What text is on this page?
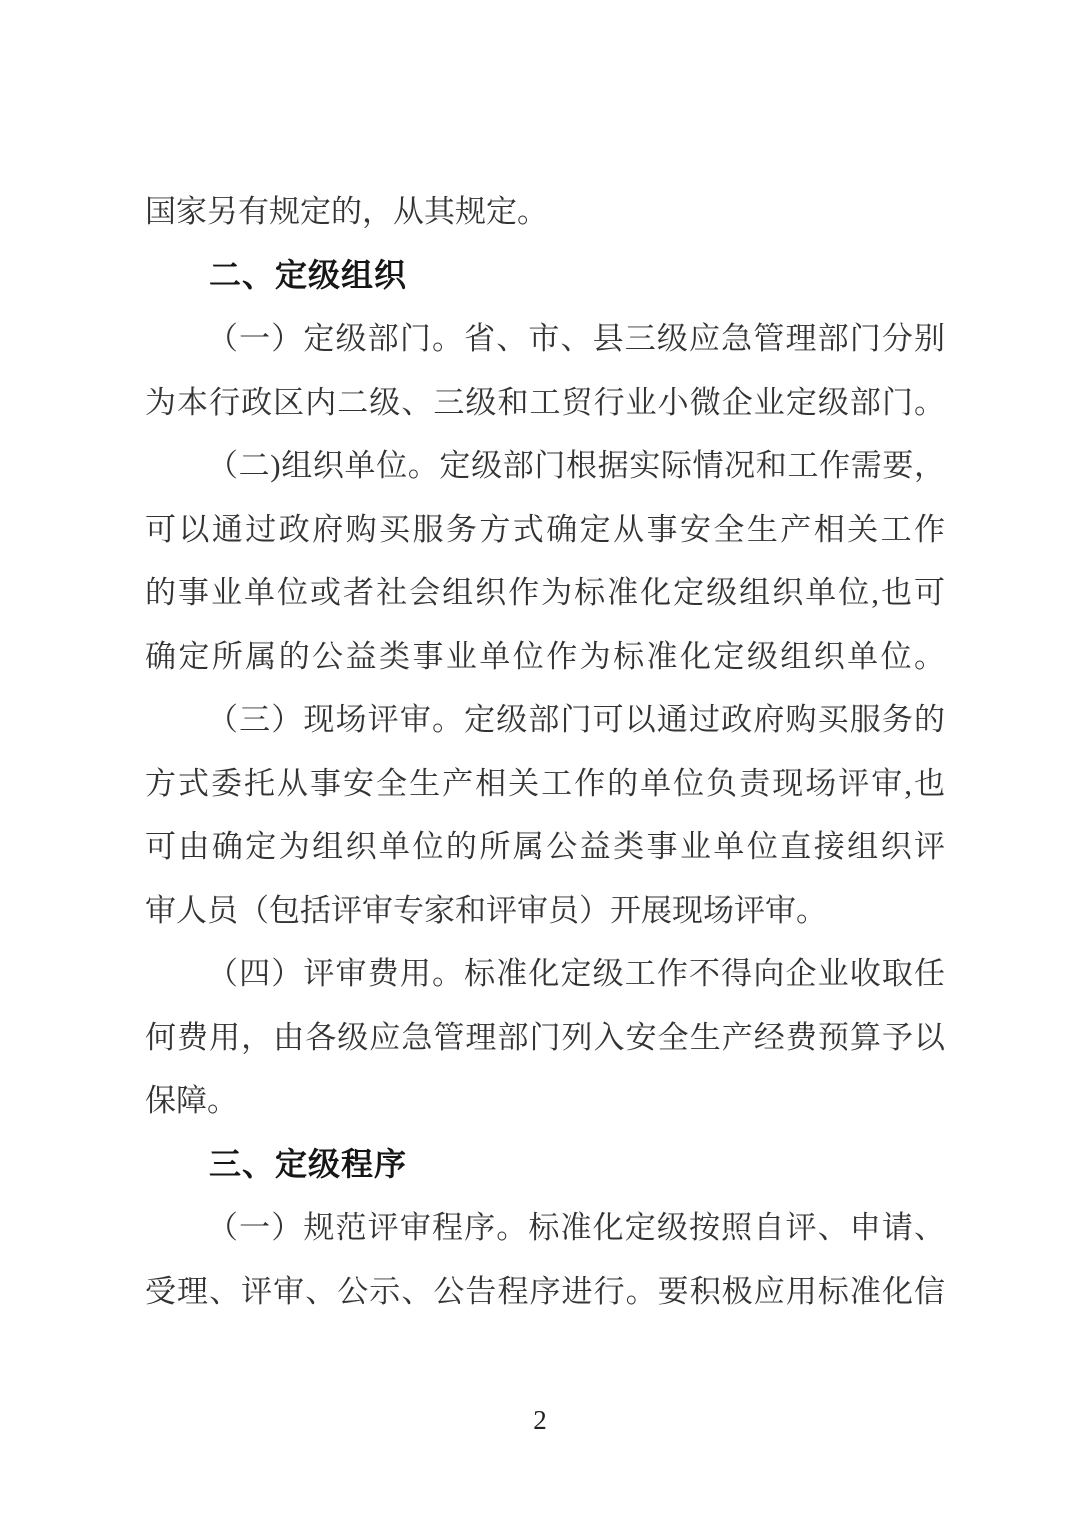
国家另有规定的，从其规定。
二、定级组织
（一）定级部门。省、市、县三级应急管理部门分别
为本行政区内二级、三级和工贸行业小微企业定级部门。
（二)组织单位。定级部门根据实际情况和工作需要，
可以通过政府购买服务方式确定从事安全生产相关工作
的事业单位或者社会组织作为标准化定级组织单位,也可
确定所属的公益类事业单位作为标准化定级组织单位。
（三）现场评审。定级部门可以通过政府购买服务的
方式委托从事安全生产相关工作的单位负责现场评审,也
可由确定为组织单位的所属公益类事业单位直接组织评
审人员（包括评审专家和评审员）开展现场评审。
（四）评审费用。标准化定级工作不得向企业收取任
何费用，由各级应急管理部门列入安全生产经费预算予以
保障。
三、定级程序
（一）规范评审程序。标准化定级按照自评、申请、
受理、评审、公示、公告程序进行。要积极应用标准化信
2
